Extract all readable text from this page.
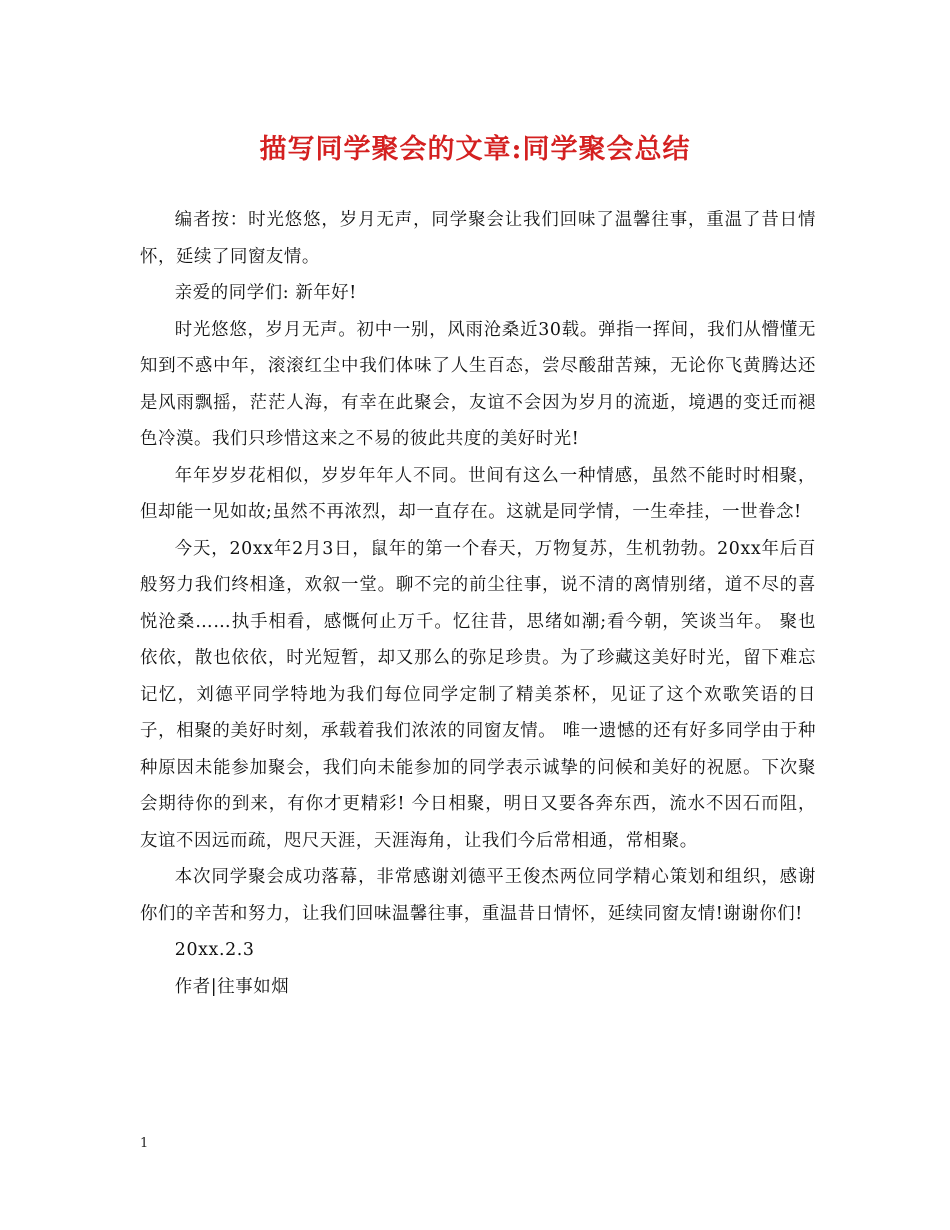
描写同学聚会的文章:同学聚会总结

编者按：时光悠悠，岁月无声，同学聚会让我们回味了温馨往事，重温了昔日情怀，延续了同窗友情。

亲爱的同学们: 新年好!

时光悠悠，岁月无声。初中一别，风雨沧桑近30载。弹指一挥间，我们从懵懂无知到不惑中年，滚滚红尘中我们体味了人生百态，尝尽酸甜苦辣，无论你飞黄腾达还是风雨飘摇，茫茫人海，有幸在此聚会，友谊不会因为岁月的流逝，境遇的变迁而褪色冷漠。我们只珍惜这来之不易的彼此共度的美好时光!

年年岁岁花相似，岁岁年年人不同。世间有这么一种情感，虽然不能时时相聚，但却能一见如故;虽然不再浓烈，却一直存在。这就是同学情，一生牵挂，一世眷念!

今天，20xx年2月3日，鼠年的第一个春天，万物复苏，生机勃勃。20xx年后百般努力我们终相逢，欢叙一堂。聊不完的前尘往事，说不清的离情别绪，道不尽的喜悦沧桑……执手相看，感慨何止万千。忆往昔，思绪如潮;看今朝，笑谈当年。 聚也依依，散也依依，时光短暂，却又那么的弥足珍贵。为了珍藏这美好时光，留下难忘记忆，刘德平同学特地为我们每位同学定制了精美茶杯，见证了这个欢歌笑语的日子，相聚的美好时刻，承载着我们浓浓的同窗友情。 唯一遗憾的还有好多同学由于种种原因未能参加聚会，我们向未能参加的同学表示诚挚的问候和美好的祝愿。下次聚会期待你的到来，有你才更精彩! 今日相聚，明日又要各奔东西，流水不因石而阻，友谊不因远而疏，咫尺天涯，天涯海角，让我们今后常相通，常相聚。

本次同学聚会成功落幕，非常感谢刘德平王俊杰两位同学精心策划和组织，感谢你们的辛苦和努力，让我们回味温馨往事，重温昔日情怀，延续同窗友情!谢谢你们!

20xx.2.3

作者|往事如烟

1
